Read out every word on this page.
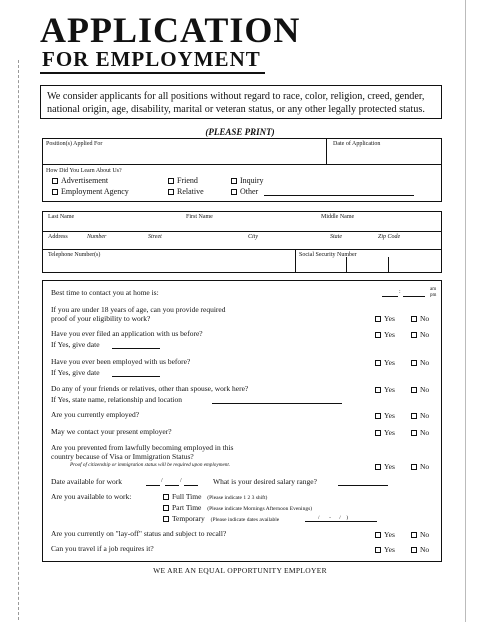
APPLICATION
FOR EMPLOYMENT
We consider applicants for all positions without regard to race, color, religion, creed, gender, national origin, age, disability, marital or veteran status, or any other legally protected status.
(PLEASE PRINT)
Position(s) Applied For	Date of Application
How Did You Learn About Us?
Advertisement
Employment Agency
Friend
Relative
Inquiry
Other
Last Name	First Name	Middle Name
Address	Number	Street	City	State	Zip Code
Telephone Number(s)	Social Security Number
Best time to contact you at home is:	:	am
pm
If you are under 18 years of age, can you provide required
proof of your eligibility to work?	Yes	No
Have you ever filed an application with us before?
If Yes, give date
Yes	No
Have you ever been employed with us before?
If Yes, give date
Yes	No
Do any of your friends or relatives, other than spouse, work here?
If Yes, state name, relationship and location
Yes	No
Are you currently employed?	Yes	No
May we contact your present employer?	Yes	No
Are you prevented from lawfully becoming employed in this
country because of Visa or Immigration Status?
Proof of citizenship or immigration status will be required upon employment.	Yes	No
Date available for work	/	/	What is your desired salary range?
Are you available to work:	Full Time (Please indicate 1 2 3 shift)
Part Time (Please indicate Mornings Afternoon Evenings)
Temporary (Please indicate dates available	/       -      /    )
Are you currently on "lay-off" status and subject to recall?	Yes	No
Can you travel if a job requires it?	Yes	No
WE ARE AN EQUAL OPPORTUNITY EMPLOYER
